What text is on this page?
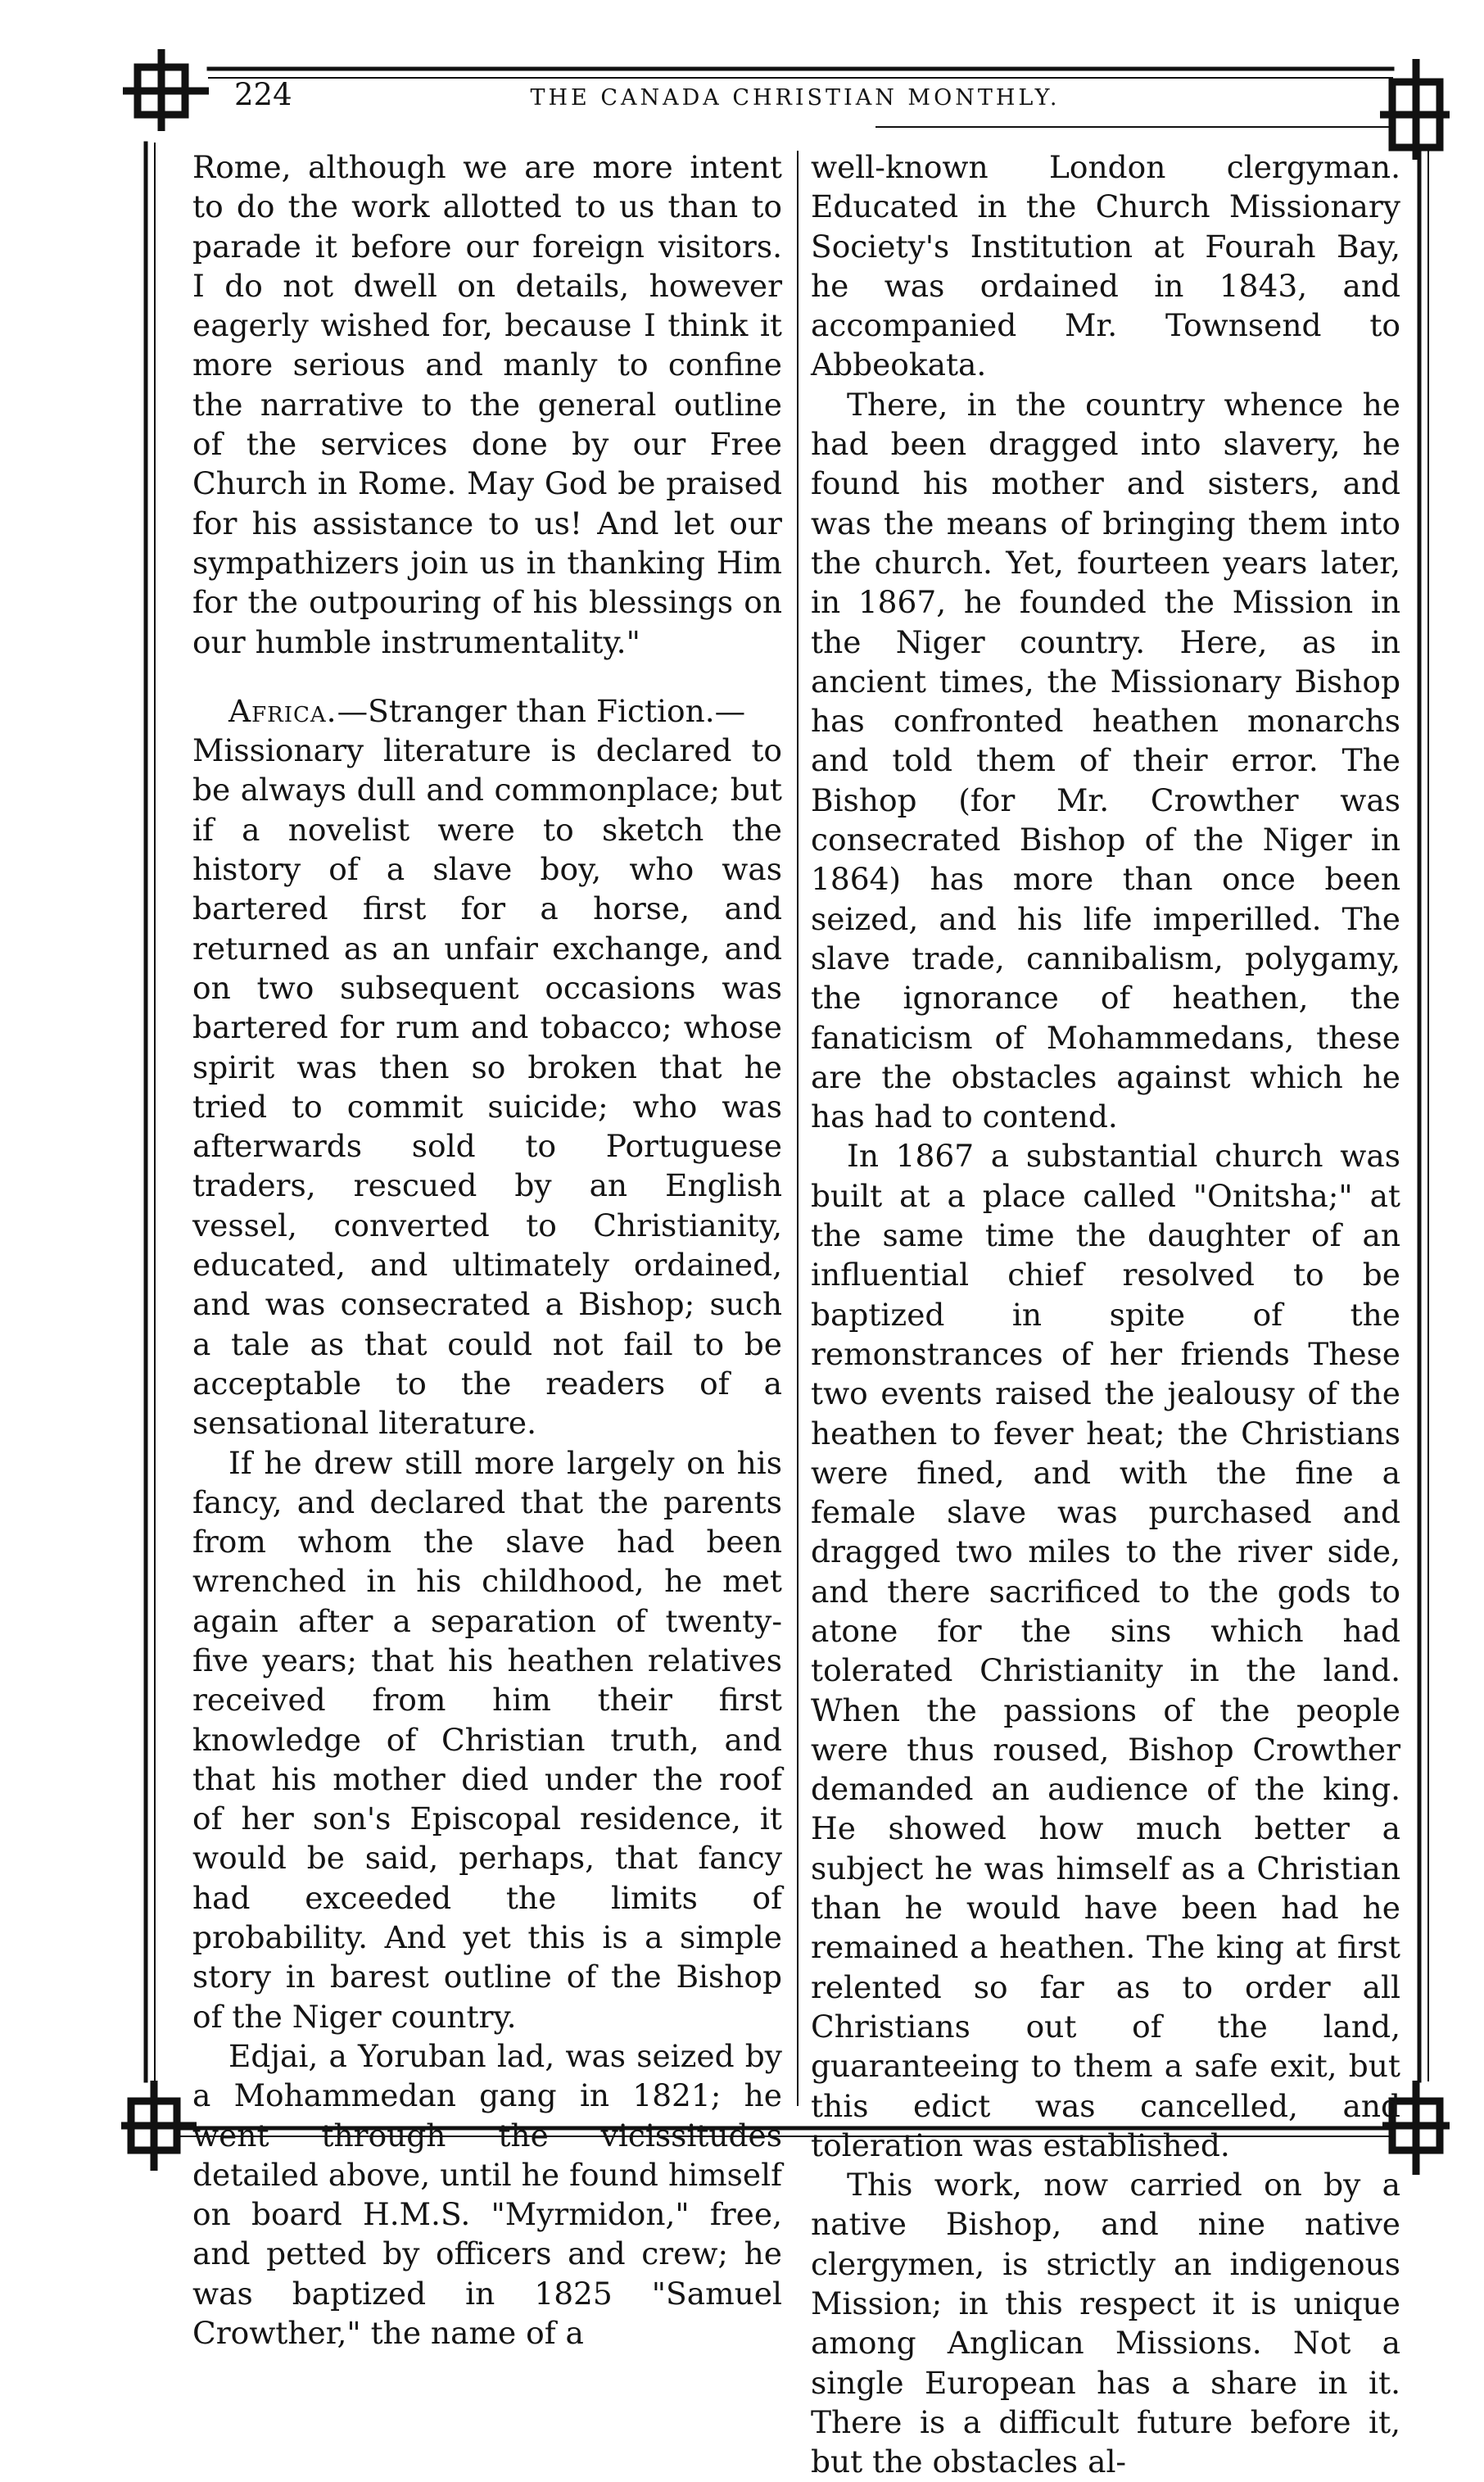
224	THE CANADA CHRISTIAN MONTHLY.

Rome, although we are more intent to do the work allotted to us than to parade it before our foreign visitors. I do not dwell on details, however eagerly wished for, because I think it more serious and manly to confine the narrative to the general outline of the services done by our Free Church in Rome. May God be praised for his assistance to us! And let our sympathizers join us in thanking Him for the outpouring of his blessings on our humble instrumentality."

Africa.—Stranger than Fiction.—

Missionary literature is declared to be always dull and commonplace; but if a novelist were to sketch the history of a slave boy, who was bartered first for a horse, and returned as an unfair exchange, and on two subsequent occasions was bartered for rum and tobacco; whose spirit was then so broken that he tried to commit suicide; who was afterwards sold to Portuguese traders, rescued by an English vessel, converted to Christianity, educated, and ultimately ordained, and was consecrated a Bishop; such a tale as that could not fail to be acceptable to the readers of a sensational literature.

If he drew still more largely on his fancy, and declared that the parents from whom the slave had been wrenched in his childhood, he met again after a separation of twenty-five years; that his heathen relatives received from him their first knowledge of Christian truth, and that his mother died under the roof of her son's Episcopal residence, it would be said, perhaps, that fancy had exceeded the limits of probability. And yet this is a simple story in barest outline of the Bishop of the Niger country.

Edjai, a Yoruban lad, was seized by a Mohammedan gang in 1821; he went through the vicissitudes detailed above, until he found himself on board H.M.S. "Myrmidon," free, and petted by officers and crew; he was baptized in 1825 "Samuel Crowther," the name of a

well-known London clergyman. Educated in the Church Missionary Society's Institution at Fourah Bay, he was ordained in 1843, and accompanied Mr. Townsend to Abbeokata.

There, in the country whence he had been dragged into slavery, he found his mother and sisters, and was the means of bringing them into the church. Yet, fourteen years later, in 1867, he founded the Mission in the Niger country. Here, as in ancient times, the Missionary Bishop has confronted heathen monarchs and told them of their error. The Bishop (for Mr. Crowther was consecrated Bishop of the Niger in 1864) has more than once been seized, and his life imperilled. The slave trade, cannibalism, polygamy, the ignorance of heathen, the fanaticism of Mohammedans, these are the obstacles against which he has had to contend.

In 1867 a substantial church was built at a place called "Onitsha;" at the same time the daughter of an influential chief resolved to be baptized in spite of the remonstrances of her friends These two events raised the jealousy of the heathen to fever heat; the Christians were fined, and with the fine a female slave was purchased and dragged two miles to the river side, and there sacrificed to the gods to atone for the sins which had tolerated Christianity in the land. When the passions of the people were thus roused, Bishop Crowther demanded an audience of the king. He showed how much better a subject he was himself as a Christian than he would have been had he remained a heathen. The king at first relented so far as to order all Christians out of the land, guaranteeing to them a safe exit, but this edict was cancelled, and toleration was established.

This work, now carried on by a native Bishop, and nine native clergymen, is strictly an indigenous Mission; in this respect it is unique among Anglican Missions. Not a single European has a share in it. There is a difficult future before it, but the obstacles al-
